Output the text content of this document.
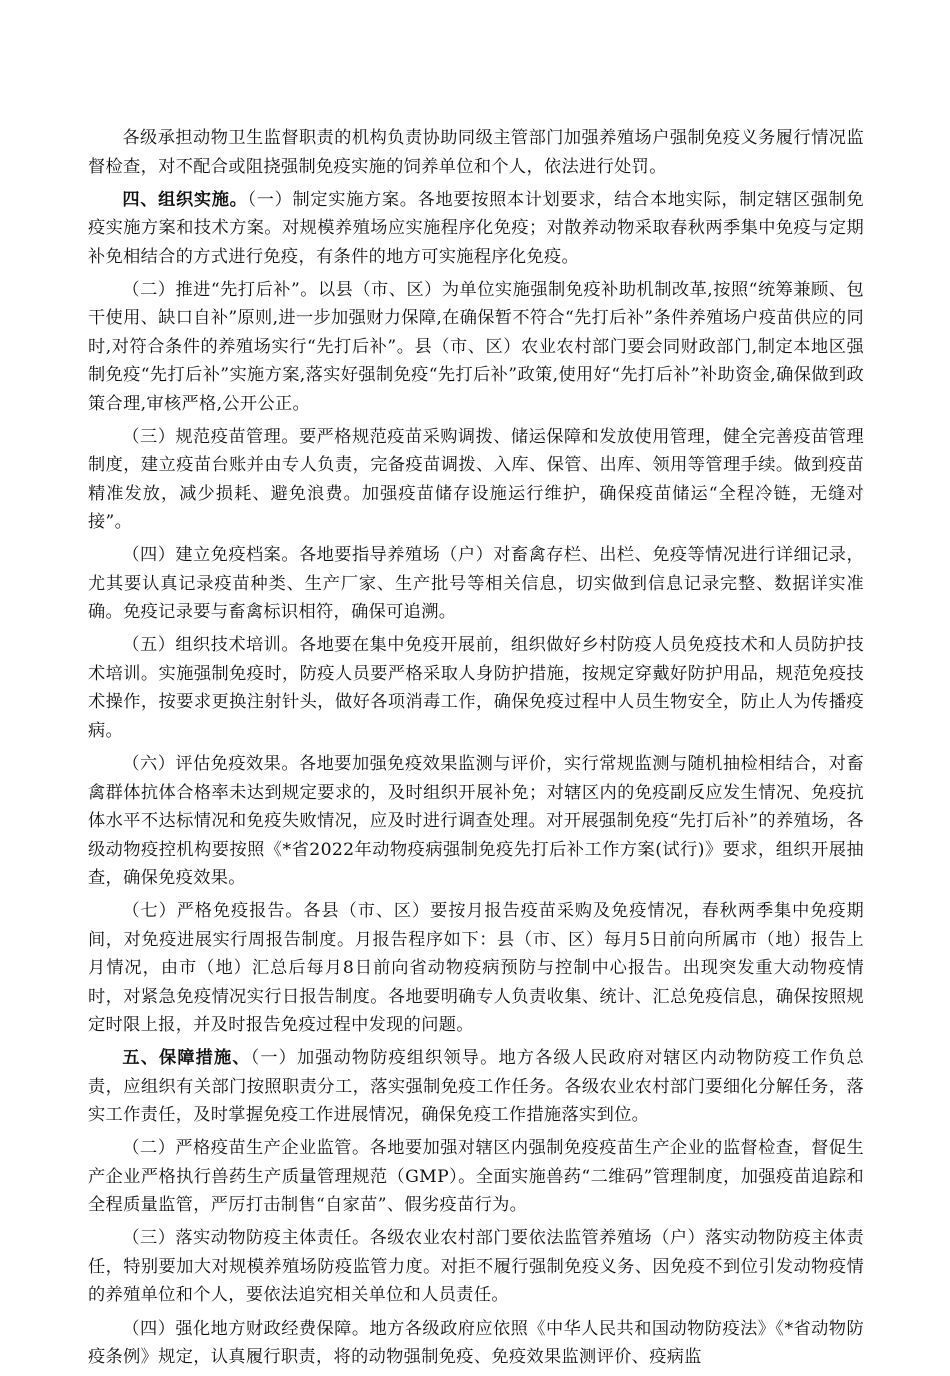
各级承担动物卫生监督职责的机构负责协助同级主管部门加强养殖场户强制免疫义务履行情况监督检查，对不配合或阻挠强制免疫实施的饲养单位和个人，依法进行处罚。

四、组织实施。（一）制定实施方案。各地要按照本计划要求，结合本地实际，制定辖区强制免疫实施方案和技术方案。对规模养殖场应实施程序化免疫；对散养动物采取春秋两季集中免疫与定期补免相结合的方式进行免疫，有条件的地方可实施程序化免疫。

（二）推进“先打后补”。以县（市、区）为单位实施强制免疫补助机制改革,按照“统筹兼顾、包干使用、缺口自补”原则,进一步加强财力保障,在确保暂不符合“先打后补”条件养殖场户疫苗供应的同时,对符合条件的养殖场实行“先打后补”。县（市、区）农业农村部门要会同财政部门,制定本地区强制免疫“先打后补”实施方案,落实好强制免疫“先打后补”政策,使用好“先打后补”补助资金,确保做到政策合理,审核严格,公开公正。

（三）规范疫苗管理。要严格规范疫苗采购调拨、储运保障和发放使用管理，健全完善疫苗管理制度，建立疫苗台账并由专人负责，完备疫苗调拨、入库、保管、出库、领用等管理手续。做到疫苗精准发放，减少损耗、避免浪费。加强疫苗储存设施运行维护，确保疫苗储运“全程冷链，无缝对接”。

（四）建立免疫档案。各地要指导养殖场（户）对畜禽存栏、出栏、免疫等情况进行详细记录，尤其要认真记录疫苗种类、生产厂家、生产批号等相关信息，切实做到信息记录完整、数据详实准确。免疫记录要与畜禽标识相符，确保可追溯。

（五）组织技术培训。各地要在集中免疫开展前，组织做好乡村防疫人员免疫技术和人员防护技术培训。实施强制免疫时，防疫人员要严格采取人身防护措施，按规定穿戴好防护用品，规范免疫技术操作，按要求更换注射针头，做好各项消毒工作，确保免疫过程中人员生物安全，防止人为传播疫病。

（六）评估免疫效果。各地要加强免疫效果监测与评价，实行常规监测与随机抽检相结合，对畜禽群体抗体合格率未达到规定要求的，及时组织开展补免；对辖区内的免疫副反应发生情况、免疫抗体水平不达标情况和免疫失败情况，应及时进行调查处理。对开展强制免疫“先打后补”的养殖场，各级动物疫控机构要按照《*省2022年动物疫病强制免疫先打后补工作方案(试行)》要求，组织开展抽查，确保免疫效果。

（七）严格免疫报告。各县（市、区）要按月报告疫苗采购及免疫情况，春秋两季集中免疫期间，对免疫进展实行周报告制度。月报告程序如下：县（市、区）每月5日前向所属市（地）报告上月情况，由市（地）汇总后每月8日前向省动物疫病预防与控制中心报告。出现突发重大动物疫情时，对紧急免疫情况实行日报告制度。各地要明确专人负责收集、统计、汇总免疫信息，确保按照规定时限上报，并及时报告免疫过程中发现的问题。

五、保障措施、（一）加强动物防疫组织领导。地方各级人民政府对辖区内动物防疫工作负总责，应组织有关部门按照职责分工，落实强制免疫工作任务。各级农业农村部门要细化分解任务，落实工作责任，及时掌握免疫工作进展情况，确保免疫工作措施落实到位。

（二）严格疫苗生产企业监管。各地要加强对辖区内强制免疫疫苗生产企业的监督检查，督促生产企业严格执行兽药生产质量管理规范（GMP）。全面实施兽药“二维码”管理制度，加强疫苗追踪和全程质量监管，严厉打击制售“自家苗”、假劣疫苗行为。

（三）落实动物防疫主体责任。各级农业农村部门要依法监管养殖场（户）落实动物防疫主体责任，特别要加大对规模养殖场防疫监管力度。对拒不履行强制免疫义务、因免疫不到位引发动物疫情的养殖单位和个人，要依法追究相关单位和人员责任。

（四）强化地方财政经费保障。地方各级政府应依照《中华人民共和国动物防疫法》《*省动物防疫条例》规定，认真履行职责，将的动物强制免疫、免疫效果监测评价、疫病监
